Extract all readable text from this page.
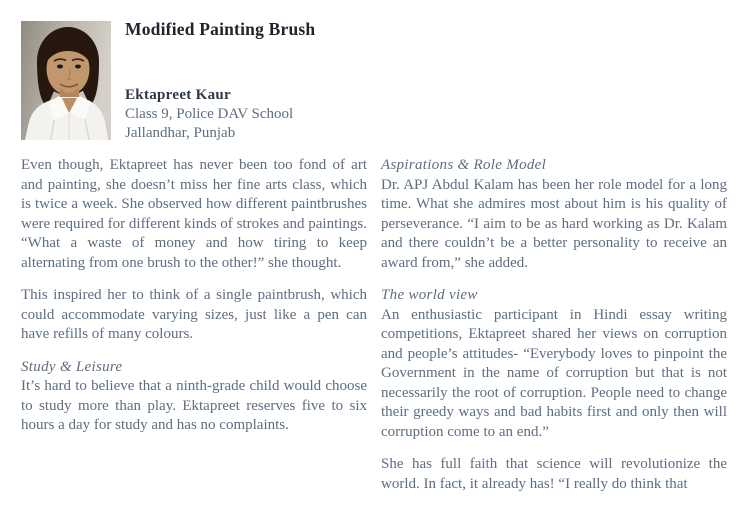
Modified Painting Brush
Ektapreet Kaur
Class 9, Police DAV School
Jallandhar, Punjab

Even though, Ektapreet has never been too fond of art and painting, she doesn’t miss her fine arts class, which is twice a week. She observed how different paintbrushes were required for different kinds of strokes and paintings. “What a waste of money and how tiring to keep alternating from one brush to the other!” she thought.

This inspired her to think of a single paintbrush, which could accommodate varying sizes, just like a pen can have refills of many colours.

Study & Leisure

It’s hard to believe that a ninth-grade child would choose to study more than play. Ektapreet reserves five to six hours a day for study and has no complaints.

Aspirations & Role Model

Dr. APJ Abdul Kalam has been her role model for a long time. What she admires most about him is his quality of perseverance. “I aim to be as hard working as Dr. Kalam and there couldn’t be a better personality to receive an award from,” she added.

The world view

An enthusiastic participant in Hindi essay writing competitions, Ektapreet shared her views on corruption and people’s attitudes- “Everybody loves to pinpoint the Government in the name of corruption but that is not necessarily the root of corruption. People need to change their greedy ways and bad habits first and only then will corruption come to an end.”

She has full faith that science will revolutionize the world. In fact, it already has! “I really do think that
